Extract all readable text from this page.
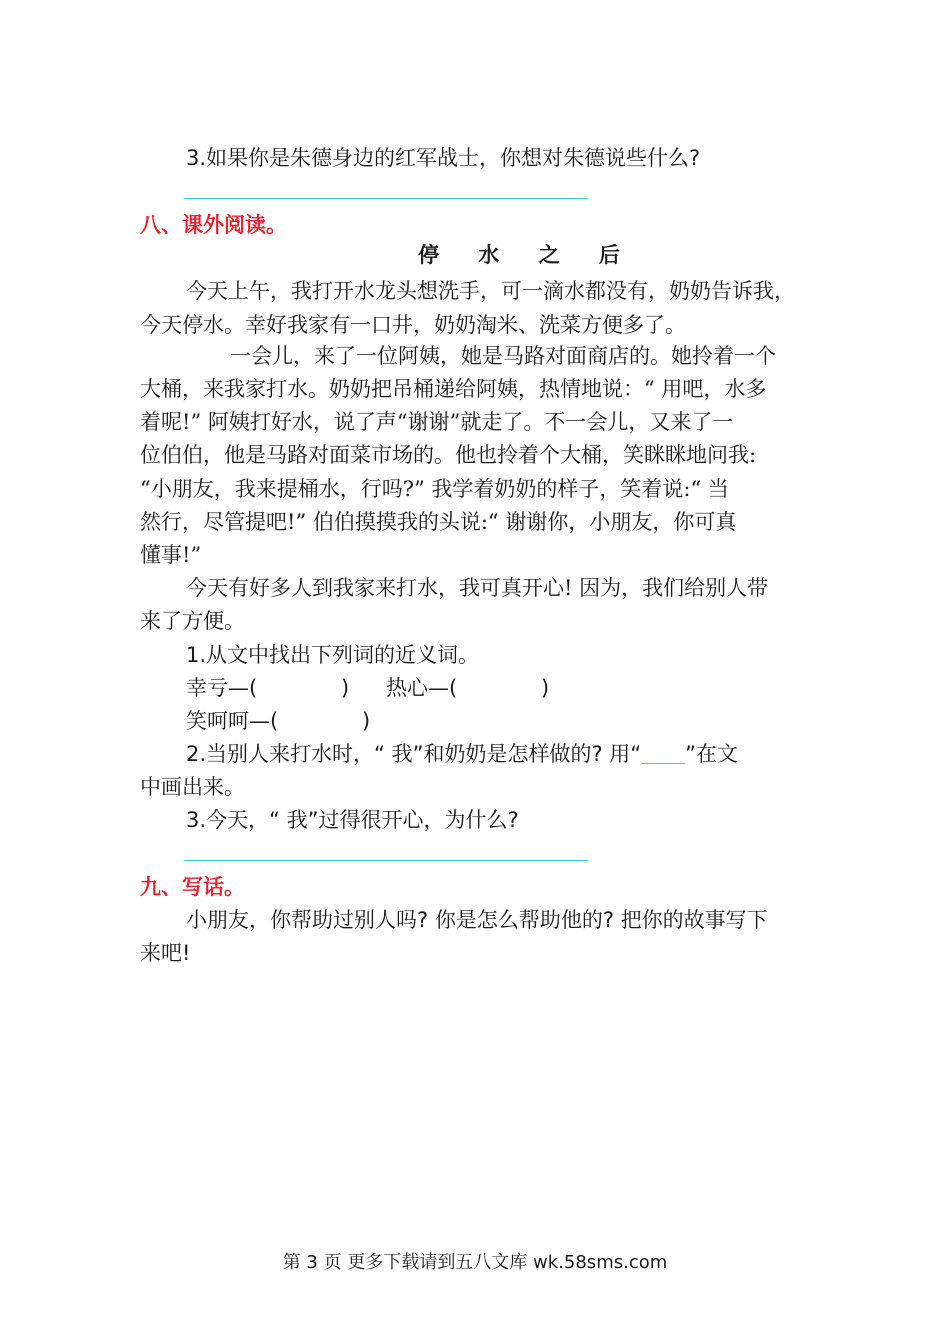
3.如果你是朱德身边的红军战士，你想对朱德说些什么?
八、课外阅读。
停 水 之 后
今天上午，我打开水龙头想洗手，可一滴水都没有，奶奶告诉我，
今天停水。幸好我家有一口井，奶奶淘米、洗菜方便多了。
一会儿，来了一位阿姨，她是马路对面商店的。她拎着一个
大桶，来我家打水。奶奶把吊桶递给阿姨，热情地说：“ 用吧，水多
着呢!” 阿姨打好水，说了声“谢谢”就走了。不一会儿，又来了一
位伯伯，他是马路对面菜市场的。他也拎着个大桶，笑眯眯地问我:
“小朋友，我来提桶水，行吗?” 我学着奶奶的样子，笑着说:“ 当
然行，尽管提吧!” 伯伯摸摸我的头说:“ 谢谢你，小朋友，你可真
懂事!”
今天有好多人到我家来打水，我可真开心! 因为，我们给别人带
来了方便。
1.从文中找出下列词的近义词。
幸亏—(	) 热心—(	)
笑呵呵—(	)
2.当别人来打水时，“ 我”和奶奶是怎样做的? 用“ ”在文
中画出来。
3.今天，“ 我”过得很开心，为什么?
九、写话。
小朋友，你帮助过别人吗? 你是怎么帮助他的? 把你的故事写下
来吧!
第 3 页 更多下载请到五八文库 wk.58sms.com
